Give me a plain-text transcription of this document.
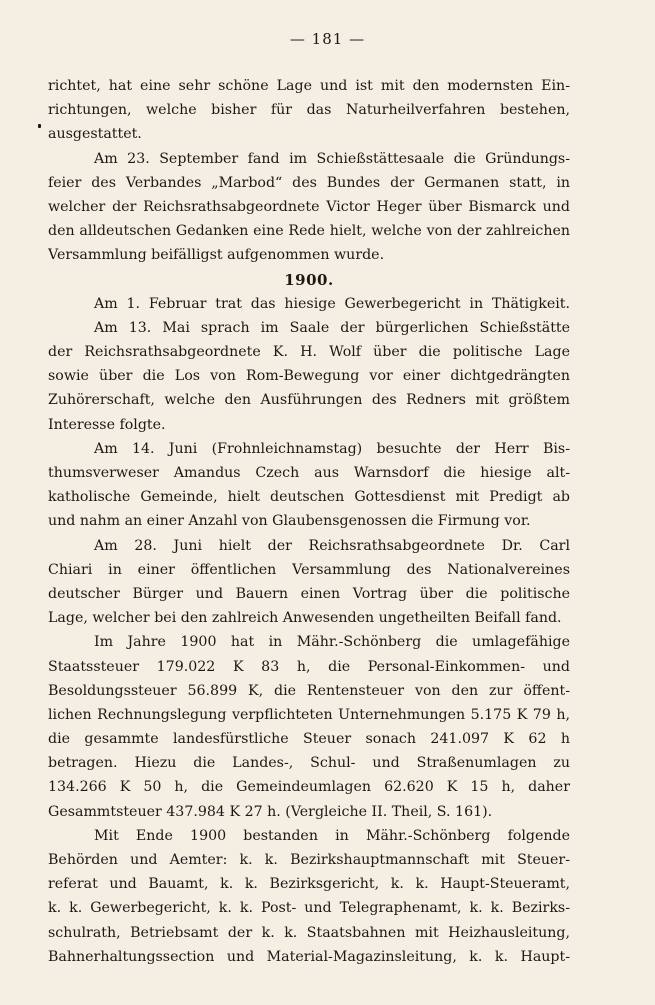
— 181 —
richtet, hat eine sehr schöne Lage und ist mit den modernsten Ein-
richtungen, welche bisher für das Naturheilverfahren bestehen,
ausgestattet.
Am 23. September fand im Schießstättesaale die Gründungs-
feier des Verbandes „Marbod“ des Bundes der Germanen statt, in
welcher der Reichsrathsabgeordnete Victor Heger über Bismarck und
den alldeutschen Gedanken eine Rede hielt, welche von der zahlreichen
Versammlung beifälligst aufgenommen wurde.
1900.
Am 1. Februar trat das hiesige Gewerbegericht in Thätigkeit.
Am 13. Mai sprach im Saale der bürgerlichen Schießstätte
der Reichsrathsabgeordnete K. H. Wolf über die politische Lage
sowie über die Los von Rom-Bewegung vor einer dichtgedrängten
Zuhörerschaft, welche den Ausführungen des Redners mit größtem
Interesse folgte.
Am 14. Juni (Frohnleichnamstag) besuchte der Herr Bis-
thumsverweser Amandus Czech aus Warnsdorf die hiesige alt-
katholische Gemeinde, hielt deutschen Gottesdienst mit Predigt ab
und nahm an einer Anzahl von Glaubensgenossen die Firmung vor.
Am 28. Juni hielt der Reichsrathsabgeordnete Dr. Carl
Chiari in einer öffentlichen Versammlung des Nationalvereines
deutscher Bürger und Bauern einen Vortrag über die politische
Lage, welcher bei den zahlreich Anwesenden ungetheilten Beifall fand.
Im Jahre 1900 hat in Mähr.-Schönberg die umlagefähige
Staatssteuer 179.022 K 83 h, die Personal-Einkommen- und
Besoldungssteuer 56.899 K, die Rentensteuer von den zur öffent-
lichen Rechnungslegung verpflichteten Unternehmungen 5.175 K 79 h,
die gesammte landesfürstliche Steuer sonach 241.097 K 62 h
betragen. Hiezu die Landes-, Schul- und Straßenumlagen zu
134.266 K 50 h, die Gemeindeumlagen 62.620 K 15 h, daher
Gesammtsteuer 437.984 K 27 h. (Vergleiche II. Theil, S. 161).
Mit Ende 1900 bestanden in Mähr.-Schönberg folgende
Behörden und Aemter: k. k. Bezirkshauptmannschaft mit Steuer-
referat und Bauamt, k. k. Bezirksgericht, k. k. Haupt-Steueramt,
k. k. Gewerbegericht, k. k. Post- und Telegraphenamt, k. k. Bezirks-
schulrath, Betriebsamt der k. k. Staatsbahnen mit Heizhausleitung,
Bahnerhaltungssection und Material-Magazinsleitung, k. k. Haupt-
